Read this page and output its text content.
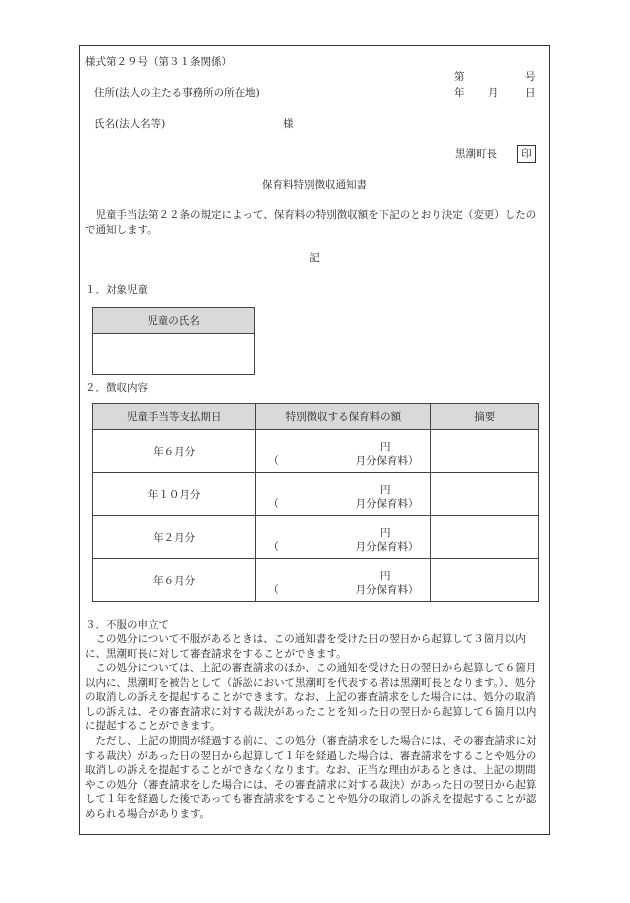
様式第２９号（第３１条関係）
第	号
住所(法人の主たる事務所の所在地)	年 月	日
氏名(法人名等)	様
黒潮町長	印
保育料特別徴収通知書
児童手当法第２２条の規定によって、保育料の特別徴収額を下記のとおり決定（変更）したので通知します。
記
１．対象児童
児童の氏名

２．徴収内容
児童手当等支払期日	特別徴収する保育料の額	摘要
年６月分	円
（ 月分保育料）	

年１０月分	円
（ 月分保育料）	

年２月分	円
（ 月分保育料）	

年６月分	円
（ 月分保育料）	

３．不服の申立て
この処分について不服があるときは、この通知書を受けた日の翌日から起算して３箇月以内に、黒潮町長に対して審査請求をすることができます。
この処分については、上記の審査請求のほか、この通知を受けた日の翌日から起算して６箇月以内に、黒潮町を被告として（訴訟において黒潮町を代表する者は黒潮町長となります。）、処分の取消しの訴えを提起することができます。なお、上記の審査請求をした場合には、処分の取消しの訴えは、その審査請求に対する裁決があったことを知った日の翌日から起算して６箇月以内に提起することができます。
ただし、上記の期間が経過する前に、この処分（審査請求をした場合には、その審査請求に対する裁決）があった日の翌日から起算して１年を経過した場合は、審査請求をすることや処分の取消しの訴えを提起することができなくなります。なお、正当な理由があるときは、上記の期間やこの処分（審査請求をした場合には、その審査請求に対する裁決）があった日の翌日から起算して１年を経過した後であっても審査請求をすることや処分の取消しの訴えを提起することが認められる場合があります。
